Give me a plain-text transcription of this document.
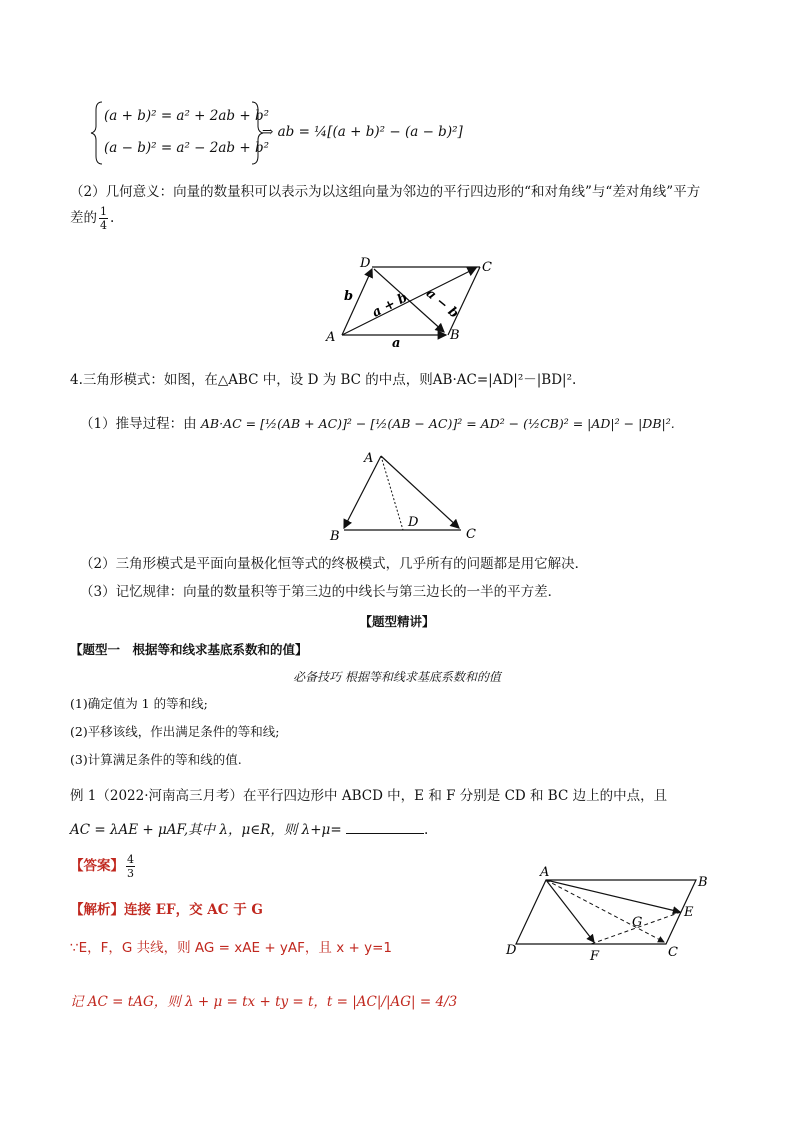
(a + b)² = a² + 2ab + b²
(a − b)² = a² − 2ab + b²
⇒ ab = ¼[(a + b)² − (a − b)²]
（2）几何意义：向量的数量积可以表示为以这组向量为邻边的平行四边形的“和对角线”与“差对角线”平方
差的 $\frac{1}{4}$ .
A	B
C
D
a
b a + b a − b
4.三角形模式：如图，在△ABC 中，设 D 为 BC 的中点，则AB·AC=|AD|²－|BD|².
（1）推导过程：由 AB·AC = [½(AB + AC)]² − [½(AB − AC)]² = AD² − (½CB)² = |AD|² − |DB|².
A
B	C
D
（2）三角形模式是平面向量极化恒等式的终极模式，几乎所有的问题都是用它解决．
（3）记忆规律：向量的数量积等于第三边的中线长与第三边长的一半的平方差．
【题型精讲】
【题型一　根据等和线求基底系数和的值】
必备技巧 根据等和线求基底系数和的值
(1)确定值为 1 的等和线;
(2)平移该线，作出满足条件的等和线;
(3)计算满足条件的等和线的值.
例 1（2022·河南高三月考）在平行四边形中 ABCD 中，E 和 F 分别是 CD 和 BC 边上的中点，且
AC = λAE + μAF,其中 λ，μ∈R，则 λ+μ=	.
【答案】 $\frac{4}{3}$
【解析】连接 EF，交 AC 于 G
∵E，F，G 共线，则 AG = xAE + yAF，且 x + y=1
记 AC = tAG，则 λ + μ = tx + ty = t，t = |AC|/|AG| = 4/3
A
B
C
D
E
F
G
